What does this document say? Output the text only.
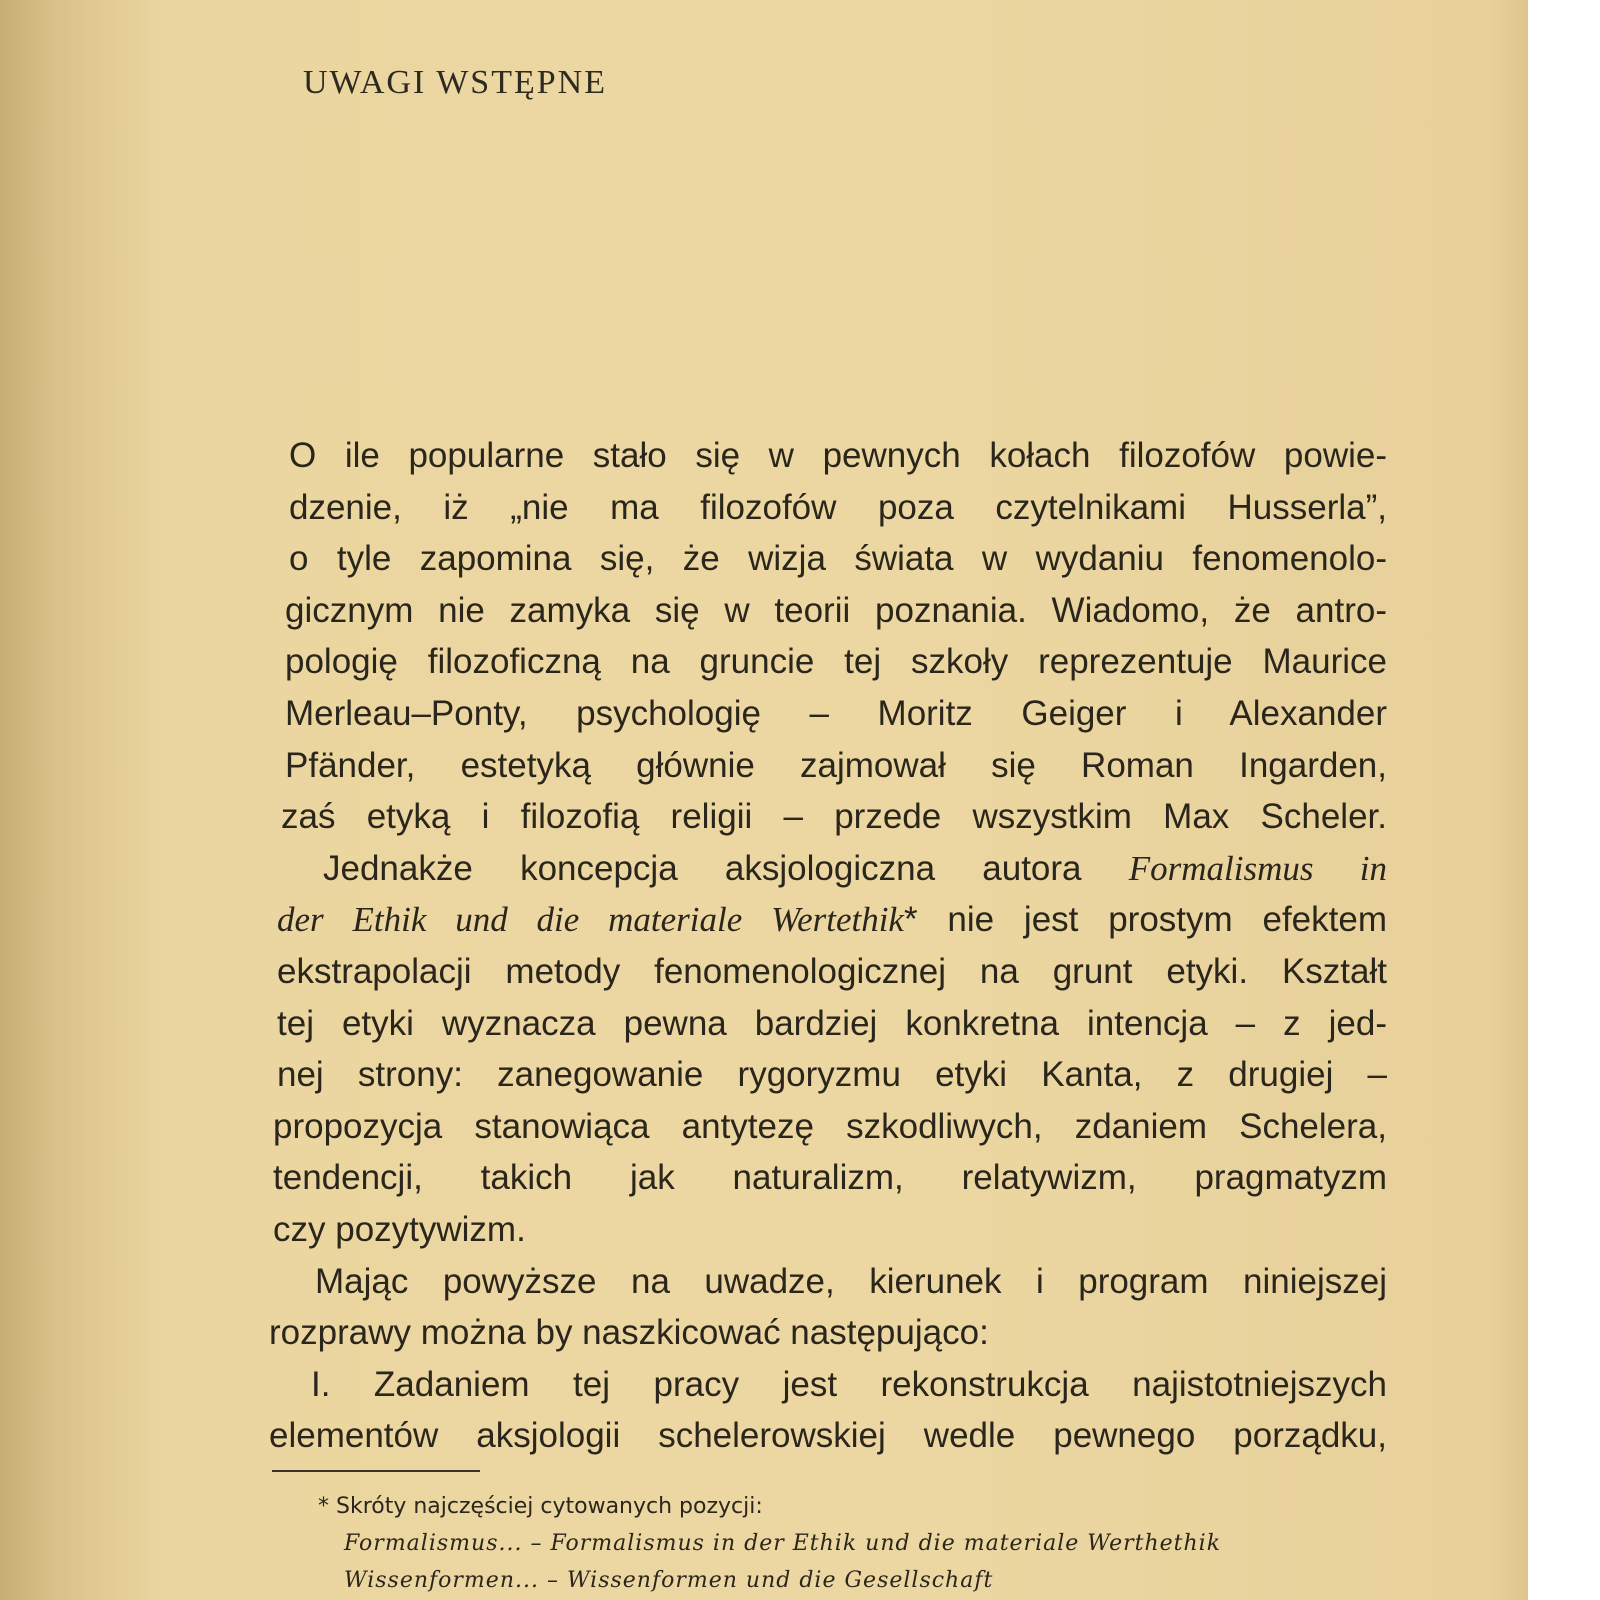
UWAGI WSTĘPNE
O ile popularne stało się w pewnych kołach filozofów powie-
dzenie, iż „nie ma filozofów poza czytelnikami Husserla”,
o tyle zapomina się, że wizja świata w wydaniu fenomenolo-
gicznym nie zamyka się w teorii poznania. Wiadomo, że antro-
pologię filozoficzną na gruncie tej szkoły reprezentuje Maurice
Merleau–Ponty, psychologię – Moritz Geiger i Alexander
Pfänder, estetyką głównie zajmował się Roman Ingarden,
zaś etyką i filozofią religii – przede wszystkim Max Scheler.
Jednakże koncepcja aksjologiczna autora Formalismus in
der Ethik und die materiale Wertethik* nie jest prostym efektem
ekstrapolacji metody fenomenologicznej na grunt etyki. Kształt
tej etyki wyznacza pewna bardziej konkretna intencja – z jed-
nej strony: zanegowanie rygoryzmu etyki Kanta, z drugiej –
propozycja stanowiąca antytezę szkodliwych, zdaniem Schelera,
tendencji, takich jak naturalizm, relatywizm, pragmatyzm
czy pozytywizm.
Mając powyższe na uwadze, kierunek i program niniejszej
rozprawy można by naszkicować następująco:
I. Zadaniem tej pracy jest rekonstrukcja najistotniejszych
elementów aksjologii schelerowskiej wedle pewnego porządku,
* Skróty najczęściej cytowanych pozycji:
Formalismus... – Formalismus in der Ethik und die materiale Werthethik
Wissenformen... – Wissenformen und die Gesellschaft
